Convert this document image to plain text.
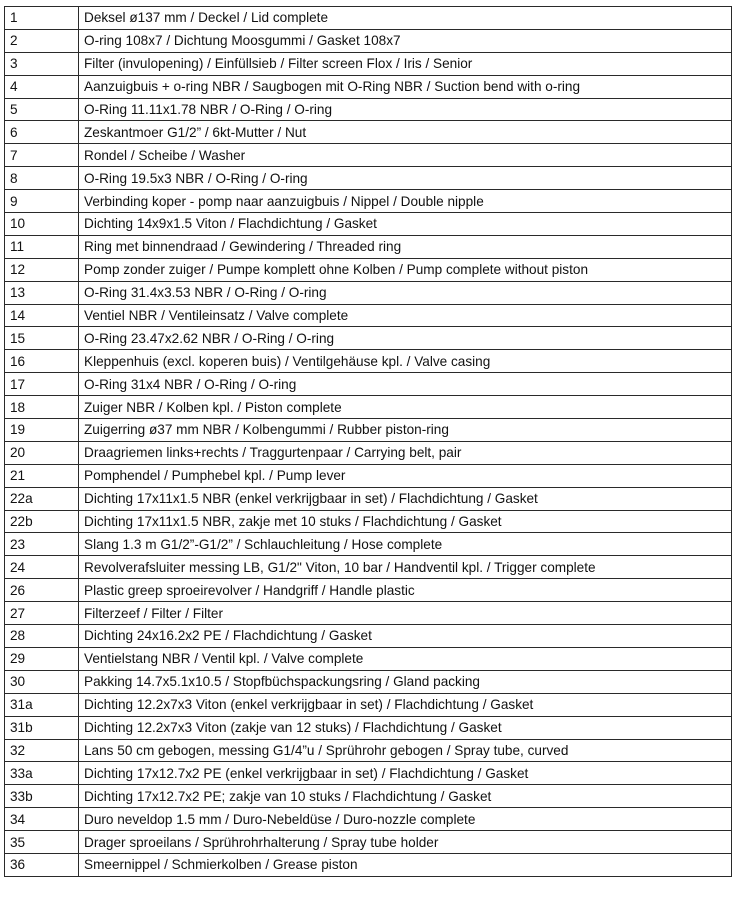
1	Deksel ø137 mm / Deckel / Lid complete
2	O-ring 108x7 / Dichtung Moosgummi / Gasket 108x7
3	Filter (invulopening) / Einfüllsieb / Filter screen Flox / Iris / Senior
4	Aanzuigbuis + o-ring NBR / Saugbogen mit O-Ring NBR / Suction bend with o-ring
5	O-Ring 11.11x1.78 NBR / O-Ring / O-ring
6	Zeskantmoer G1/2” / 6kt-Mutter / Nut
7	Rondel / Scheibe / Washer
8	O-Ring 19.5x3 NBR / O-Ring / O-ring
9	Verbinding koper - pomp naar aanzuigbuis / Nippel / Double nipple
10	Dichting 14x9x1.5 Viton / Flachdichtung / Gasket
11	Ring met binnendraad / Gewindering / Threaded ring
12	Pomp zonder zuiger / Pumpe komplett ohne Kolben / Pump complete without piston
13	O-Ring 31.4x3.53 NBR / O-Ring / O-ring
14	Ventiel NBR / Ventileinsatz / Valve complete
15	O-Ring 23.47x2.62 NBR / O-Ring / O-ring
16	Kleppenhuis (excl. koperen buis) / Ventilgehäuse kpl. / Valve casing
17	O-Ring 31x4 NBR / O-Ring / O-ring
18	Zuiger NBR / Kolben kpl. / Piston complete
19	Zuigerring ø37 mm NBR / Kolbengummi / Rubber piston-ring
20	Draagriemen links+rechts / Traggurtenpaar / Carrying belt, pair
21	Pomphendel / Pumphebel kpl. / Pump lever
22a	Dichting 17x11x1.5 NBR (enkel verkrijgbaar in set) / Flachdichtung / Gasket
22b	Dichting 17x11x1.5 NBR, zakje met 10 stuks / Flachdichtung / Gasket
23	Slang 1.3 m G1/2”-G1/2” / Schlauchleitung / Hose complete
24	Revolverafsluiter messing LB, G1/2" Viton, 10 bar / Handventil kpl. / Trigger complete
26	Plastic greep sproeirevolver / Handgriff / Handle plastic
27	Filterzeef / Filter / Filter
28	Dichting 24x16.2x2 PE / Flachdichtung / Gasket
29	Ventielstang NBR / Ventil kpl. / Valve complete
30	Pakking 14.7x5.1x10.5 / Stopfbüchspackungsring / Gland packing
31a	Dichting 12.2x7x3 Viton (enkel verkrijgbaar in set) / Flachdichtung / Gasket
31b	Dichting 12.2x7x3 Viton (zakje van 12 stuks) / Flachdichtung / Gasket
32	Lans 50 cm gebogen, messing G1/4”u / Sprührohr gebogen / Spray tube, curved
33a	Dichting 17x12.7x2 PE (enkel verkrijgbaar in set) / Flachdichtung / Gasket
33b	Dichting 17x12.7x2 PE; zakje van 10 stuks / Flachdichtung / Gasket
34	Duro neveldop 1.5 mm / Duro-Nebeldüse / Duro-nozzle complete
35	Drager sproeilans / Sprührohrhalterung / Spray tube holder
36	Smeernippel / Schmierkolben / Grease piston
